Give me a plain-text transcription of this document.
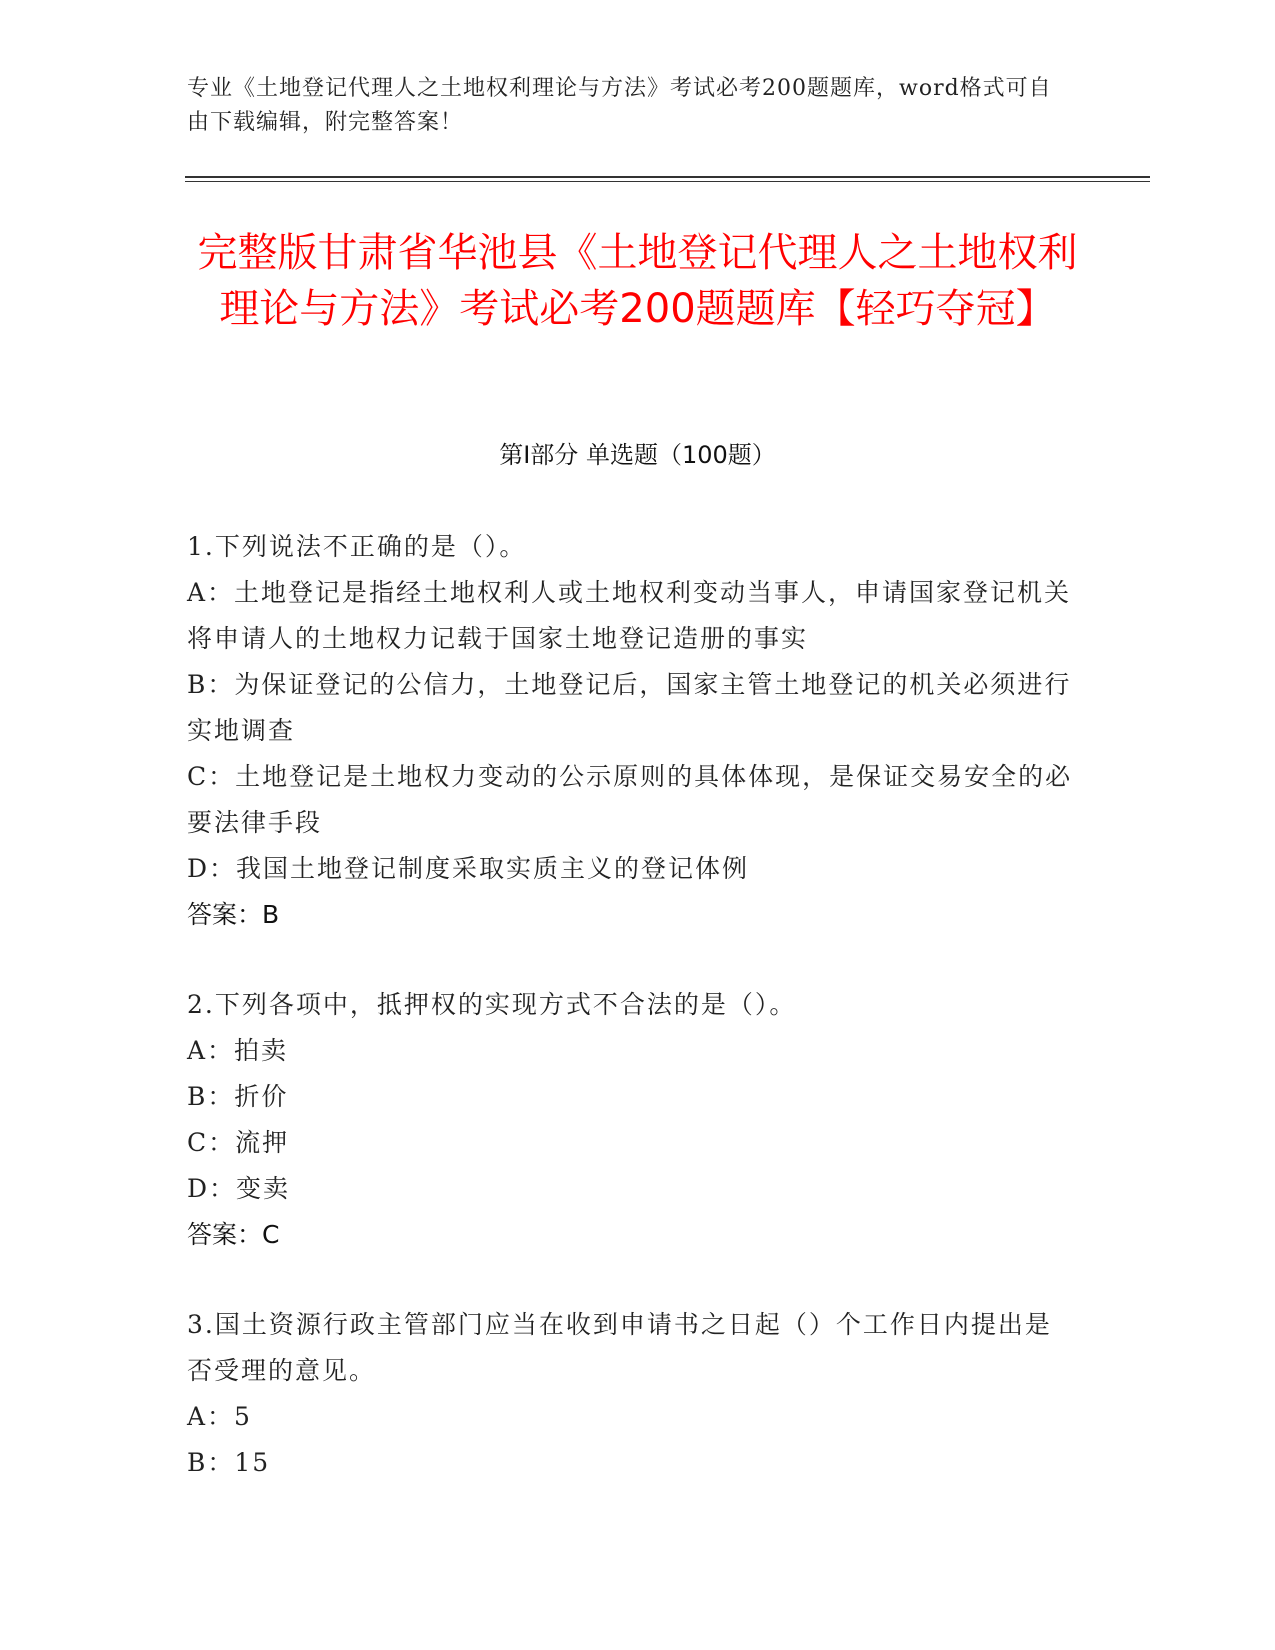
专业《土地登记代理人之土地权利理论与方法》考试必考200题题库，word格式可自由下载编辑，附完整答案！
完整版甘肃省华池县《土地登记代理人之土地权利理论与方法》考试必考200题题库【轻巧夺冠】
第Ⅰ部分 单选题（100题）

1.下列说法不正确的是（）。

A：土地登记是指经土地权利人或土地权利变动当事人，申请国家登记机关将申请人的土地权力记载于国家土地登记造册的事实

B：为保证登记的公信力，土地登记后，国家主管土地登记的机关必须进行实地调查

C：土地登记是土地权力变动的公示原则的具体体现，是保证交易安全的必要法律手段

D：我国土地登记制度采取实质主义的登记体例

答案：B

2.下列各项中，抵押权的实现方式不合法的是（）。

A：拍卖

B：折价

C：流押

D：变卖

答案：C

3.国土资源行政主管部门应当在收到申请书之日起（）个工作日内提出是否受理的意见。

A：5

B：15
